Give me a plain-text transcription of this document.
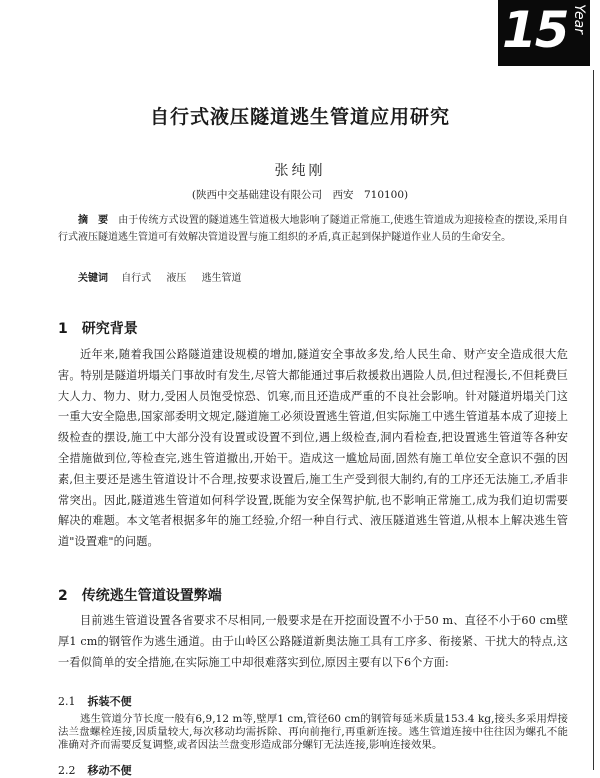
15 Year
自行式液压隧道逃生管道应用研究
张纯刚
(陕西中交基础建设有限公司　西安　710100)
摘　要 由于传统方式设置的隧道逃生管道极大地影响了隧道正常施工,使逃生管道成为迎接检查的摆设,采用自行式液压隧道逃生管道可有效解决管道设置与施工组织的矛盾,真正起到保护隧道作业人员的生命安全。
关键词 自行式 液压 逃生管道
1 研究背景
近年来,随着我国公路隧道建设规模的增加,隧道安全事故多发,给人民生命、财产安全造成很大危害。特别是隧道坍塌关门事故时有发生,尽管大都能通过事后救援救出遇险人员,但过程漫长,不但耗费巨大人力、物力、财力,受困人员饱受惊恐、饥寒,而且还造成严重的不良社会影响。针对隧道坍塌关门这一重大安全隐患,国家部委明文规定,隧道施工必须设置逃生管道,但实际施工中逃生管道基本成了迎接上级检查的摆设,施工中大部分没有设置或设置不到位,遇上级检查,洞内看检查,把设置逃生管道等各种安全措施做到位,等检查完,逃生管道撤出,开始干。造成这一尴尬局面,固然有施工单位安全意识不强的因素,但主要还是逃生管道设计不合理,按要求设置后,施工生产受到很大制约,有的工序还无法施工,矛盾非常突出。因此,隧道逃生管道如何科学设置,既能为安全保驾护航,也不影响正常施工,成为我们迫切需要解决的难题。本文笔者根据多年的施工经验,介绍一种自行式、液压隧道逃生管道,从根本上解决逃生管道"设置难"的问题。
2 传统逃生管道设置弊端
目前逃生管道设置各省要求不尽相同,一般要求是在开挖面设置不小于50 m、直径不小于60 cm壁厚1 cm的钢管作为逃生通道。由于山岭区公路隧道新奥法施工具有工序多、衔接紧、干扰大的特点,这一看似简单的安全措施,在实际施工中却很难落实到位,原因主要有以下6个方面:
2.1 拆装不便
逃生管道分节长度一般有6,9,12 m等,壁厚1 cm,管径60 cm的钢管每延米质量153.4 kg,接头多采用焊接法兰盘螺栓连接,因质量较大,每次移动均需拆除、再向前拖行,再重新连接。逃生管道连接中往往因为螺孔不能准确对齐而需要反复调整,或者因法兰盘变形造成部分螺钉无法连接,影响连接效果。
2.2 移动不便
